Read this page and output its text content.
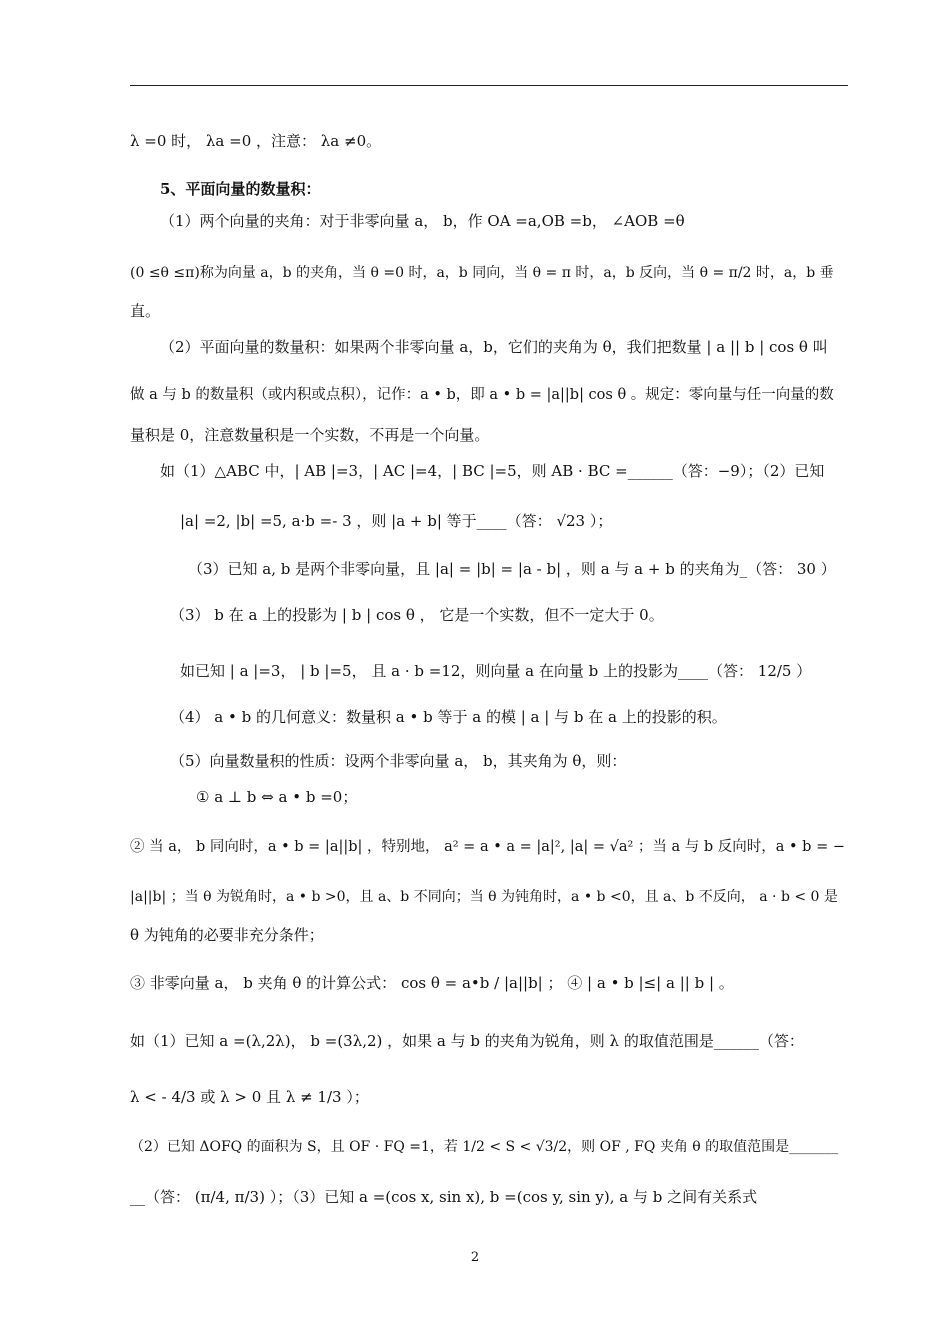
λ =0 时， λa =0 ，注意： λa ≠0。
5、平面向量的数量积：
（1）两个向量的夹角：对于非零向量 a， b，作 OA =a,OB =b， ∠AOB =θ
(0 ≤θ ≤π)称为向量 a，b 的夹角，当 θ =0 时，a，b 同向，当 θ = π 时，a，b 反向，当 θ = π/2 时，a，b 垂
直。
（2）平面向量的数量积：如果两个非零向量 a，b，它们的夹角为 θ，我们把数量 | a || b | cos θ 叫
做 a 与 b 的数量积（或内积或点积），记作：a • b，即 a • b = |a||b| cos θ 。规定：零向量与任一向量的数
量积是 0，注意数量积是一个实数，不再是一个向量。
如（1）△ABC 中，| AB |=3，| AC |=4，| BC |=5，则 AB · BC =______（答：−9）；（2）已知
|a| =2, |b| =5, a·b =- 3 ，则 |a + b| 等于____（答： √23 ）；
（3）已知 a, b 是两个非零向量，且 |a| = |b| = |a - b| ，则 a 与 a + b 的夹角为_（答： 30 ）
（3） b 在 a 上的投影为 | b | cos θ ， 它是一个实数，但不一定大于 0。
如已知 | a |=3， | b |=5， 且 a · b =12，则向量 a 在向量 b 上的投影为____（答： 12/5 ）
（4） a • b 的几何意义：数量积 a • b 等于 a 的模 | a | 与 b 在 a 上的投影的积。
（5）向量数量积的性质：设两个非零向量 a， b，其夹角为 θ，则：
① a ⊥ b ⇔ a • b =0；
② 当 a， b 同向时，a • b = |a||b| ，特别地， a² = a • a = |a|², |a| = √a² ；当 a 与 b 反向时，a • b = −
|a||b| ；当 θ 为锐角时，a • b >0，且 a、b 不同向；当 θ 为钝角时，a • b <0，且 a、b 不反向， a · b < 0 是
θ 为钝角的必要非充分条件；
③ 非零向量 a， b 夹角 θ 的计算公式： cos θ = a•b / |a||b| ； ④ | a • b |≤| a || b | 。
如（1）已知 a =(λ,2λ)， b =(3λ,2) ，如果 a 与 b 的夹角为锐角，则 λ 的取值范围是______（答：
λ < - 4/3 或 λ > 0 且 λ ≠ 1/3 ）；
（2）已知 ΔOFQ 的面积为 S，且 OF · FQ =1，若 1/2 < S < √3/2，则 OF , FQ 夹角 θ 的取值范围是_______
__（答： (π/4, π/3) ）；（3）已知 a =(cos x, sin x), b =(cos y, sin y), a 与 b 之间有关系式
2
